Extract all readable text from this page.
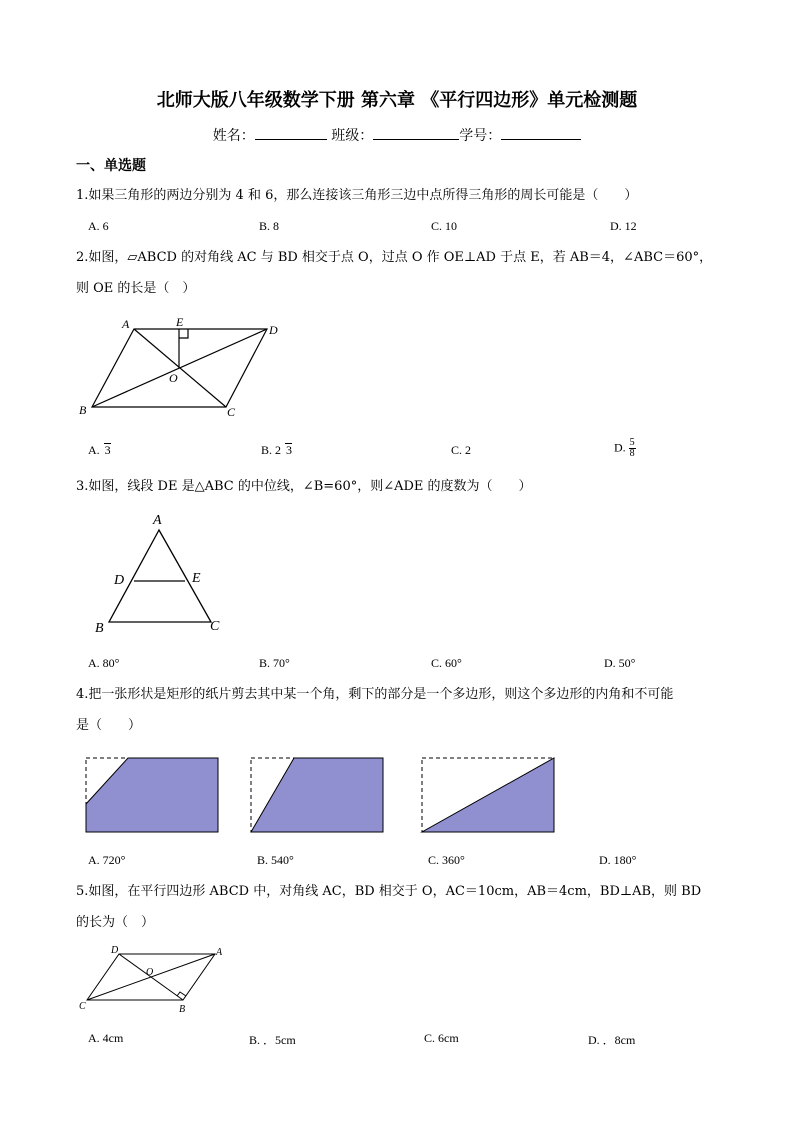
北师大版八年级数学下册 第六章 《平行四边形》单元检测题
姓名：	班级：	学号：
一、单选题
1.如果三角形的两边分别为 4 和 6，那么连接该三角形三边中点所得三角形的周长可能是（　　）
A. 6	B. 8	C. 10	D. 12
2.如图，▱ABCD 的对角线 AC 与 BD 相交于点 O，过点 O 作 OE⊥AD 于点 E，若 AB＝4，∠ABC＝60°，
则 OE 的长是（　）
A	E
D
O
B	C
A. 3	B. 2 3	C. 2	D. $\frac{5}{8}$
3.如图，线段 DE 是△ABC 的中位线，∠B=60°，则∠ADE 的度数为（　　）
A
D	E
B	C
A. 80°	B. 70°	C. 60°	D. 50°
4.把一张形状是矩形的纸片剪去其中某一个角，剩下的部分是一个多边形，则这个多边形的内角和不可能
是（　　）
A. 720°	B. 540°	C. 360°	D. 180°
5.如图，在平行四边形 ABCD 中，对角线 AC，BD 相交于 O，AC＝10cm，AB＝4cm，BD⊥AB，则 BD
的长为（　）
D	A
O
C	B
A. 4cm	B. ．5cm	C. 6cm	D. ．8cm
